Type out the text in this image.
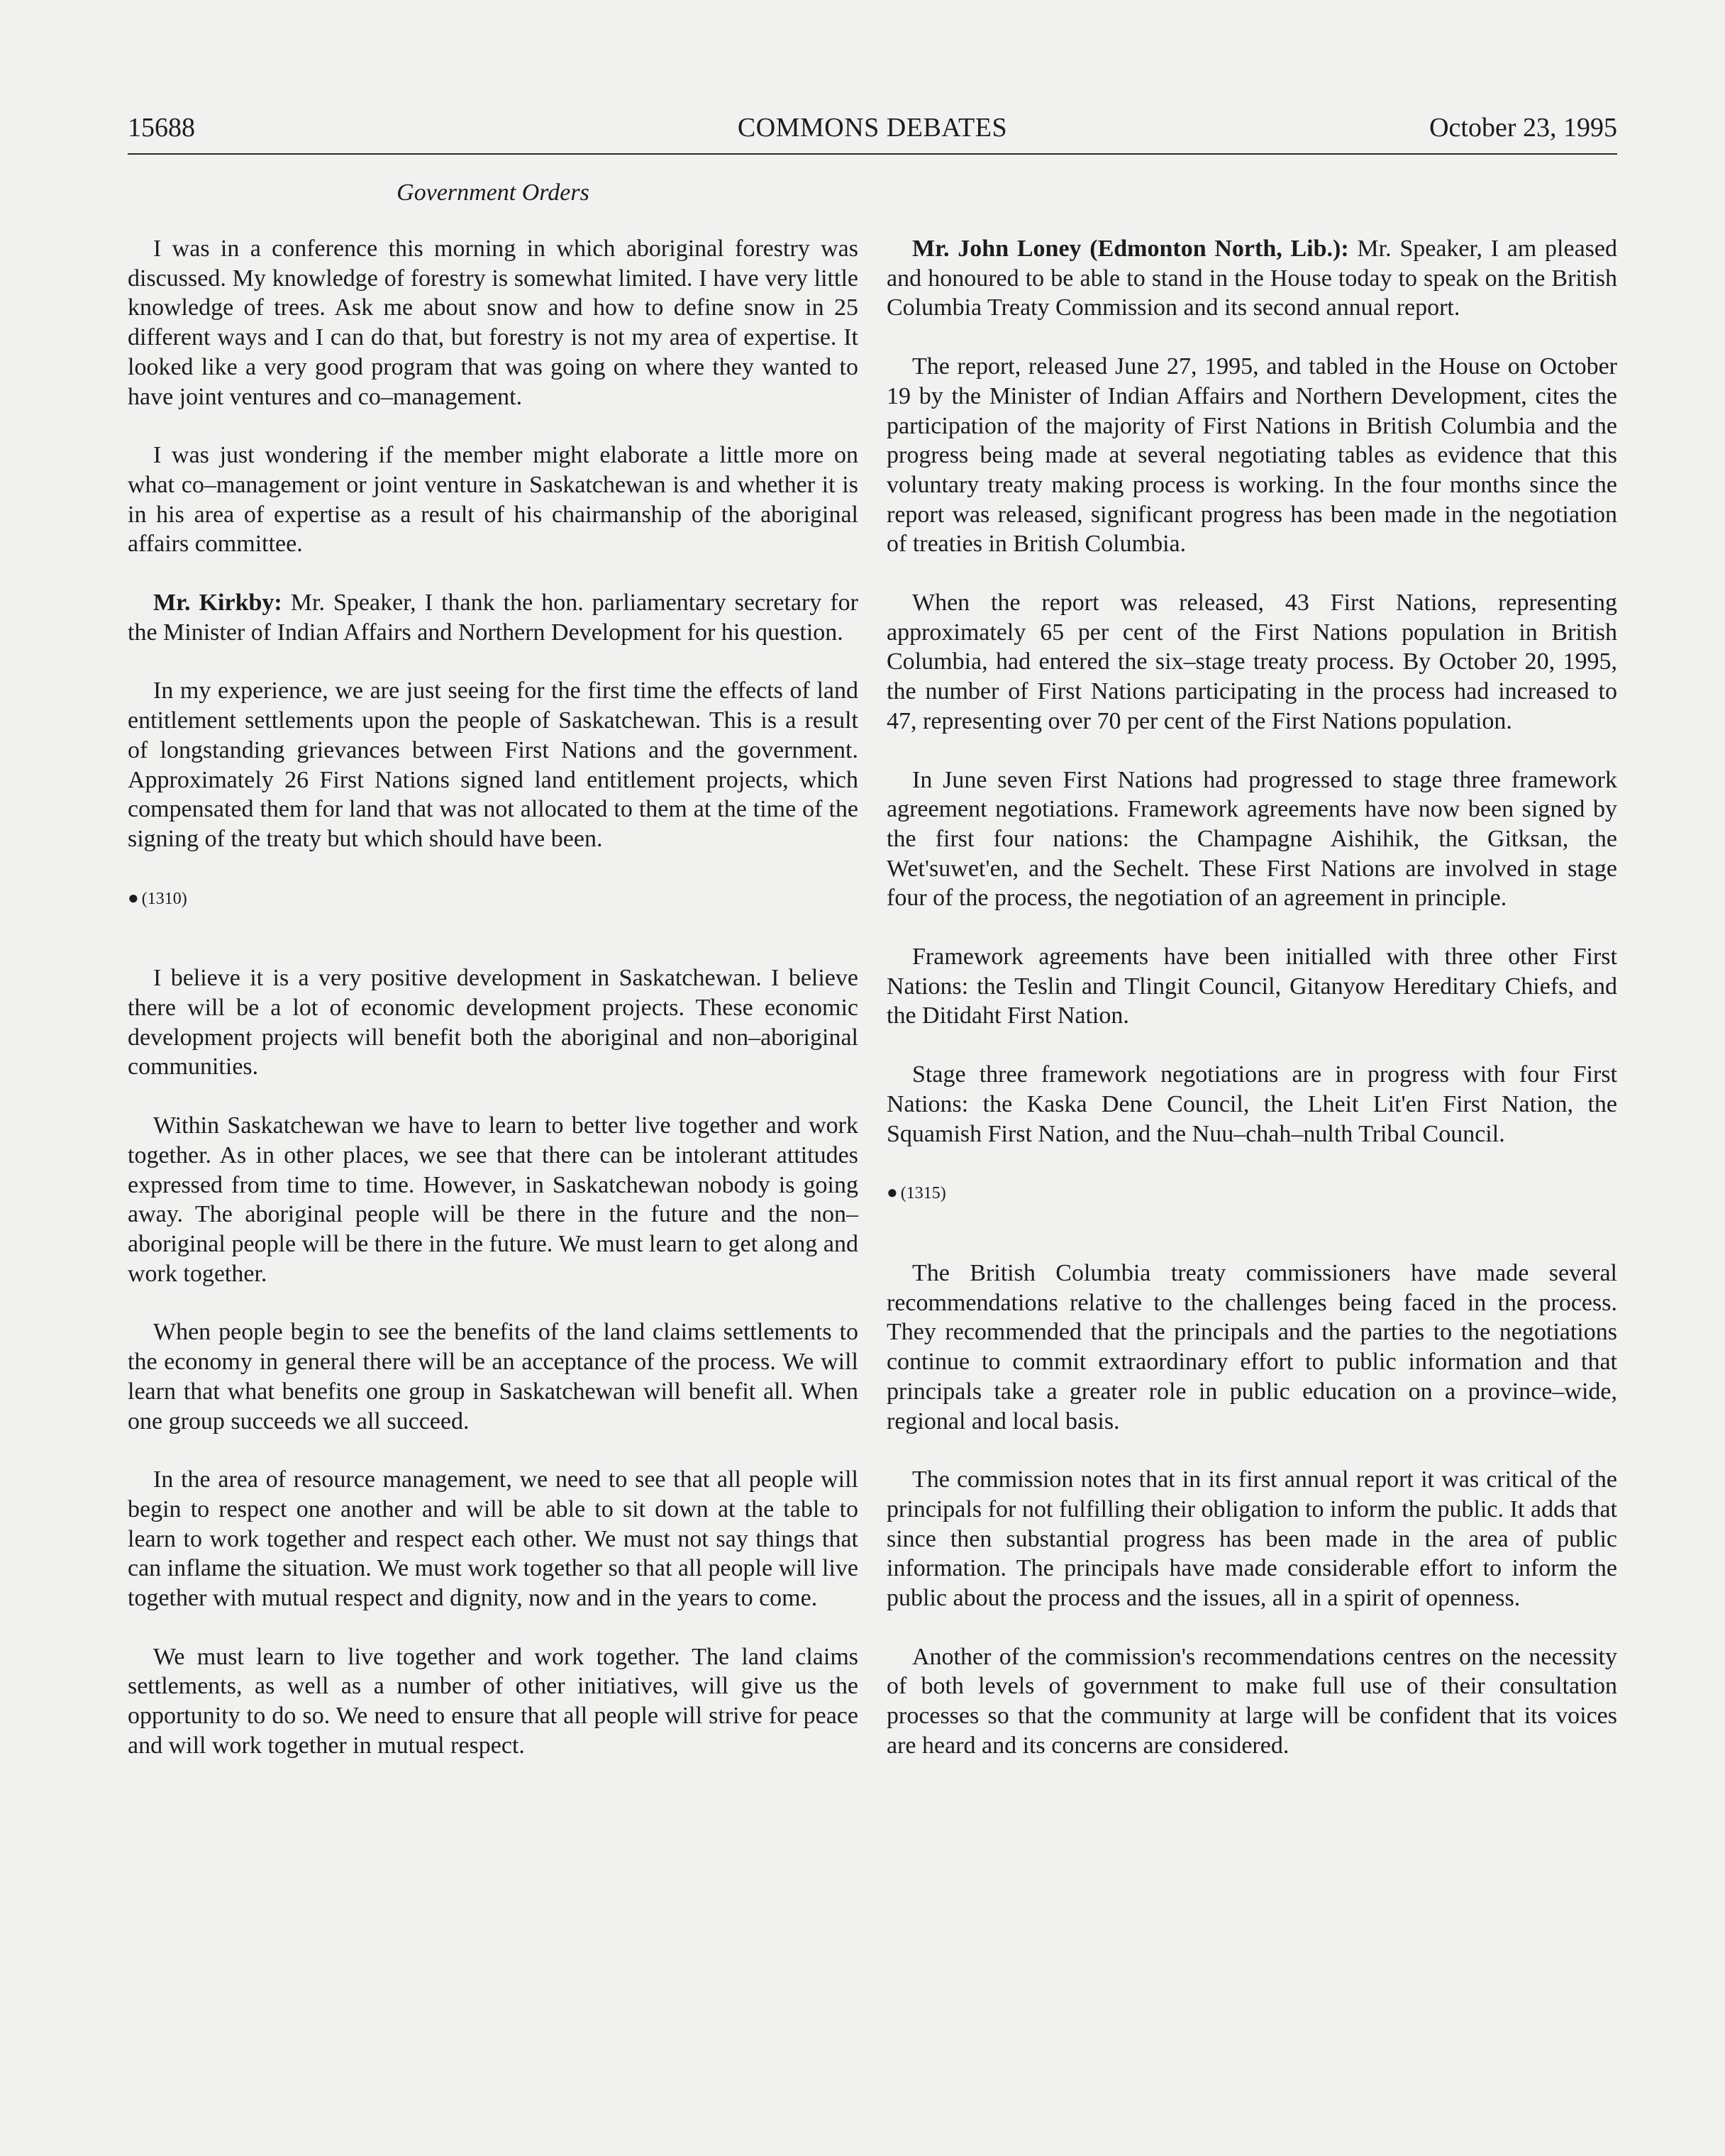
15688	COMMONS DEBATES	October 23, 1995
Government Orders

I was in a conference this morning in which aboriginal forestry was discussed. My knowledge of forestry is somewhat limited. I have very little knowledge of trees. Ask me about snow and how to define snow in 25 different ways and I can do that, but forestry is not my area of expertise. It looked like a very good program that was going on where they wanted to have joint ventures and co–management.

I was just wondering if the member might elaborate a little more on what co–management or joint venture in Saskatchewan is and whether it is in his area of expertise as a result of his chairmanship of the aboriginal affairs committee.

Mr. Kirkby: Mr. Speaker, I thank the hon. parliamentary secretary for the Minister of Indian Affairs and Northern Development for his question.

In my experience, we are just seeing for the first time the effects of land entitlement settlements upon the people of Saskatchewan. This is a result of longstanding grievances between First Nations and the government. Approximately 26 First Nations signed land entitlement projects, which compensated them for land that was not allocated to them at the time of the signing of the treaty but which should have been.

● (1310)

I believe it is a very positive development in Saskatchewan. I believe there will be a lot of economic development projects. These economic development projects will benefit both the aboriginal and non–aboriginal communities.

Within Saskatchewan we have to learn to better live together and work together. As in other places, we see that there can be intolerant attitudes expressed from time to time. However, in Saskatchewan nobody is going away. The aboriginal people will be there in the future and the non–aboriginal people will be there in the future. We must learn to get along and work together.

When people begin to see the benefits of the land claims settlements to the economy in general there will be an acceptance of the process. We will learn that what benefits one group in Saskatchewan will benefit all. When one group succeeds we all succeed.

In the area of resource management, we need to see that all people will begin to respect one another and will be able to sit down at the table to learn to work together and respect each other. We must not say things that can inflame the situation. We must work together so that all people will live together with mutual respect and dignity, now and in the years to come.

We must learn to live together and work together. The land claims settlements, as well as a number of other initiatives, will give us the opportunity to do so. We need to ensure that all people will strive for peace and will work together in mutual respect.

Mr. John Loney (Edmonton North, Lib.): Mr. Speaker, I am pleased and honoured to be able to stand in the House today to speak on the British Columbia Treaty Commission and its second annual report.

The report, released June 27, 1995, and tabled in the House on October 19 by the Minister of Indian Affairs and Northern Development, cites the participation of the majority of First Nations in British Columbia and the progress being made at several negotiating tables as evidence that this voluntary treaty making process is working. In the four months since the report was released, significant progress has been made in the negotiation of treaties in British Columbia.

When the report was released, 43 First Nations, representing approximately 65 per cent of the First Nations population in British Columbia, had entered the six–stage treaty process. By October 20, 1995, the number of First Nations participating in the process had increased to 47, representing over 70 per cent of the First Nations population.

In June seven First Nations had progressed to stage three framework agreement negotiations. Framework agreements have now been signed by the first four nations: the Champagne Aishihik, the Gitksan, the Wet'suwet'en, and the Sechelt. These First Nations are involved in stage four of the process, the negotiation of an agreement in principle.

Framework agreements have been initialled with three other First Nations: the Teslin and Tlingit Council, Gitanyow Hereditary Chiefs, and the Ditidaht First Nation.

Stage three framework negotiations are in progress with four First Nations: the Kaska Dene Council, the Lheit Lit'en First Nation, the Squamish First Nation, and the Nuu–chah–nulth Tribal Council.

● (1315)

The British Columbia treaty commissioners have made several recommendations relative to the challenges being faced in the process. They recommended that the principals and the parties to the negotiations continue to commit extraordinary effort to public information and that principals take a greater role in public education on a province–wide, regional and local basis.

The commission notes that in its first annual report it was critical of the principals for not fulfilling their obligation to inform the public. It adds that since then substantial progress has been made in the area of public information. The principals have made considerable effort to inform the public about the process and the issues, all in a spirit of openness.

Another of the commission's recommendations centres on the necessity of both levels of government to make full use of their consultation processes so that the community at large will be confident that its voices are heard and its concerns are considered.
